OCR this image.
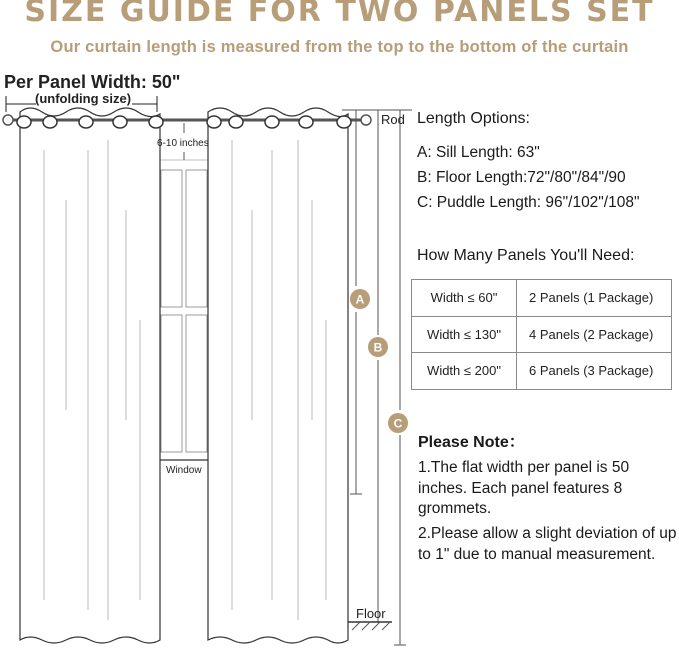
SIZE GUIDE FOR TWO PANELS SET
Our curtain length is measured from the top to the bottom of the curtain
A
B
C
Per Panel Width: 50"
(unfolding size)
6-10 inches
Window
Rod
Floor
Length Options:
A: Sill Length: 63"
B: Floor Length:72"/80"/84"/90
C: Puddle Length: 96"/102"/108"
How Many Panels You'll Need:
Width ≤ 60"	2 Panels (1 Package)
Width ≤ 130"	4 Panels (2 Package)
Width ≤ 200"	6 Panels (3 Package)
Please Note：
1.The flat width per panel is 50 inches. Each panel features 8 grommets.
2.Please allow a slight deviation of up to 1" due to manual measurement.
